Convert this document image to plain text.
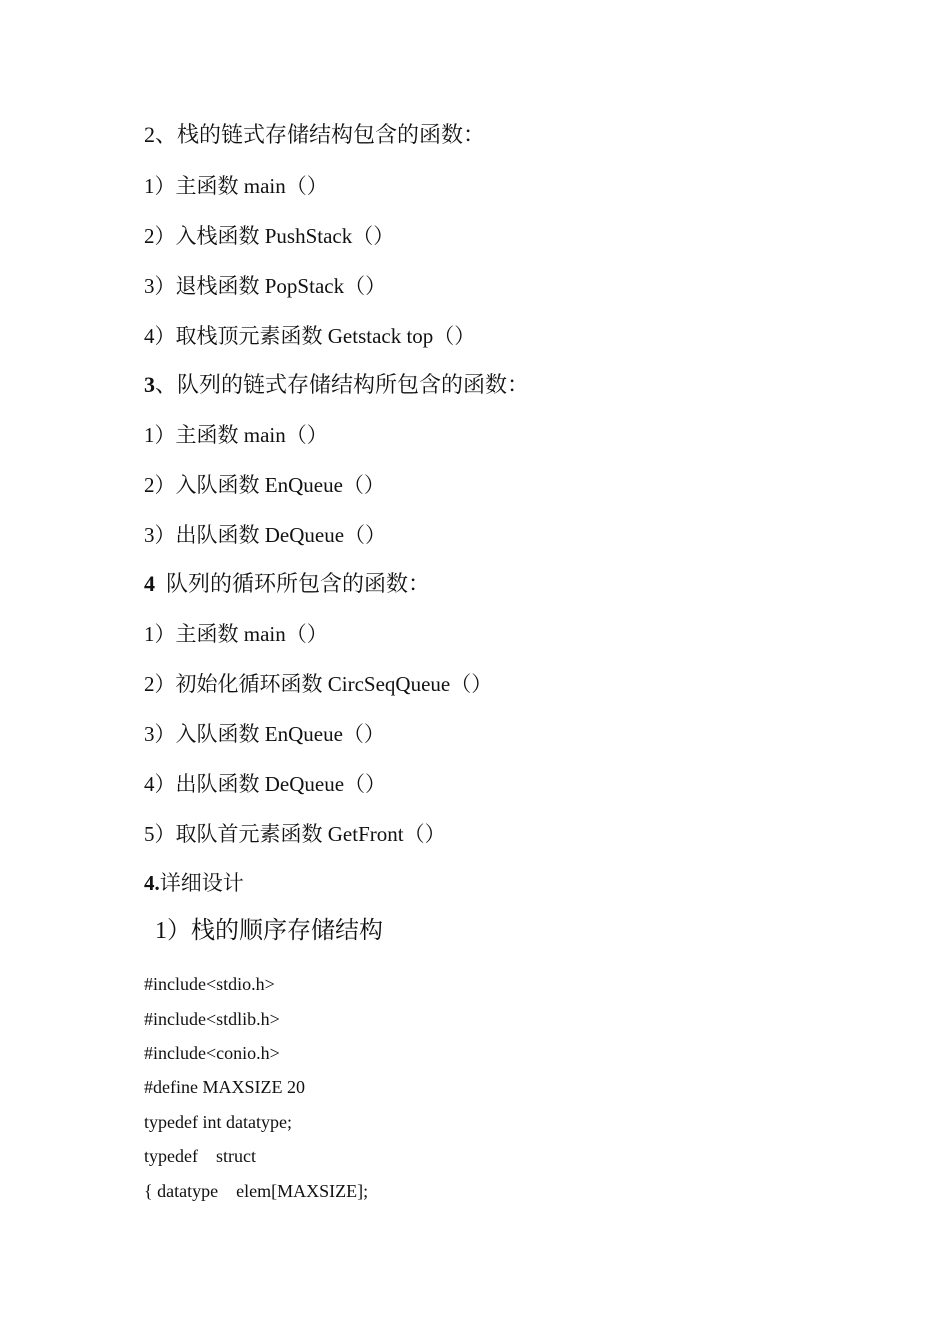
2、栈的链式存储结构包含的函数：
1）主函数 main（）
2）入栈函数 PushStack（）
3）退栈函数 PopStack（）
4）取栈顶元素函数 Getstack top（）
3、队列的链式存储结构所包含的函数：
1）主函数 main（）
2）入队函数 EnQueue（）
3）出队函数 DeQueue（）
4  队列的循环所包含的函数：
1）主函数 main（）
2）初始化循环函数 CircSeqQueue（）
3）入队函数 EnQueue（）
4）出队函数 DeQueue（）
5）取队首元素函数 GetFront（）
4.详细设计
1）栈的顺序存储结构
#include<stdio.h>
#include<stdlib.h>
#include<conio.h>
#define MAXSIZE 20
typedef int datatype;
typedef    struct
{ datatype    elem[MAXSIZE];
